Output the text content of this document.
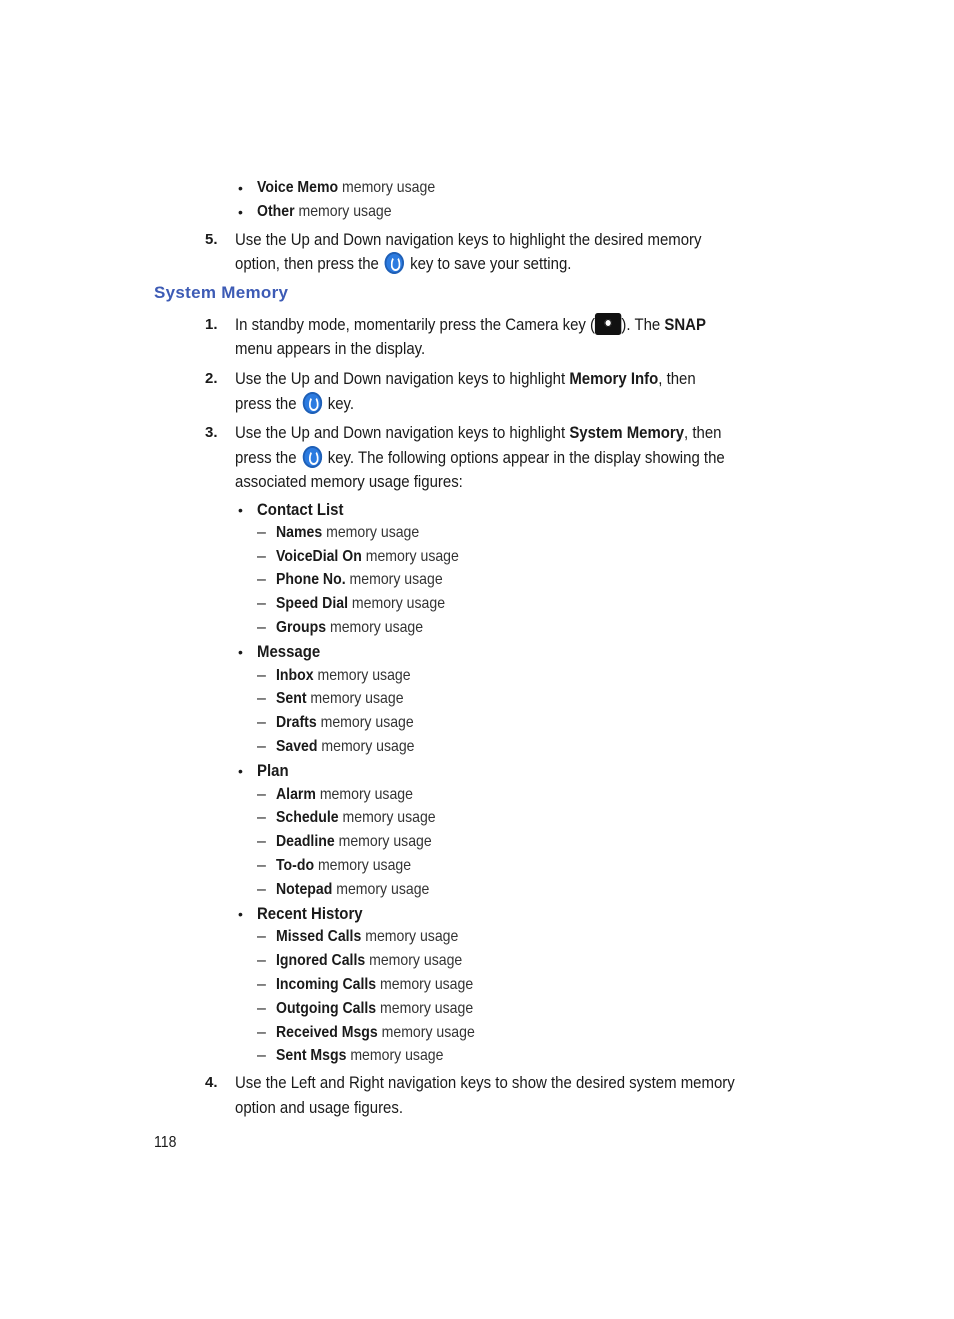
• Voice Memo memory usage
• Other memory usage
5. Use the Up and Down navigation keys to highlight the desired memory
option, then press the key to save your setting.
System Memory
1. In standby mode, momentarily press the Camera key ( ). The SNAP
menu appears in the display.
2. Use the Up and Down navigation keys to highlight Memory Info, then
press the key.
3. Use the Up and Down navigation keys to highlight System Memory, then
press the key. The following options appear in the display showing the
associated memory usage figures:
• Contact List
– Names memory usage
– VoiceDial On memory usage
– Phone No. memory usage
– Speed Dial memory usage
– Groups memory usage
• Message
– Inbox memory usage
– Sent memory usage
– Drafts memory usage
– Saved memory usage
• Plan
– Alarm memory usage
– Schedule memory usage
– Deadline memory usage
– To-do memory usage
– Notepad memory usage
• Recent History
– Missed Calls memory usage
– Ignored Calls memory usage
– Incoming Calls memory usage
– Outgoing Calls memory usage
– Received Msgs memory usage
– Sent Msgs memory usage
4. Use the Left and Right navigation keys to show the desired system memory
option and usage figures.
118
